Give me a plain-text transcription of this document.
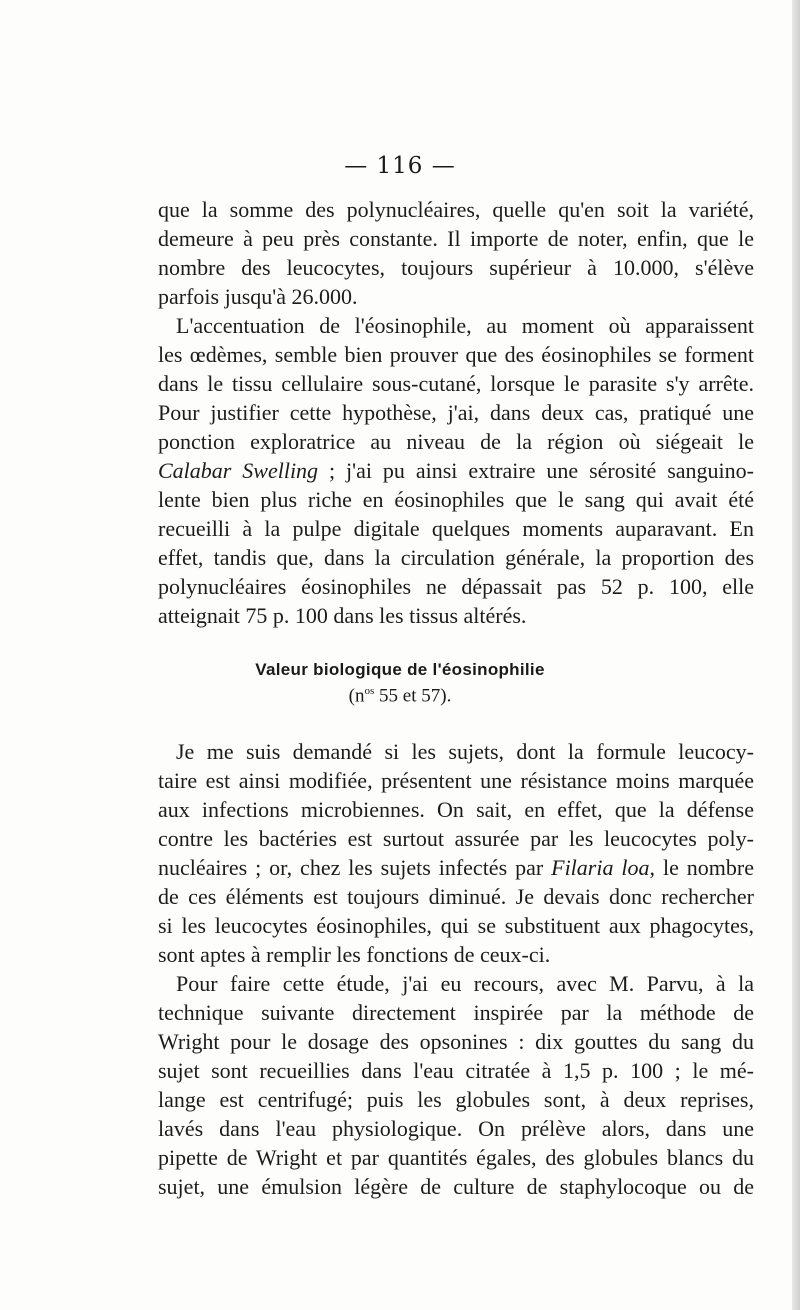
— 116 —
que la somme des polynucléaires, quelle qu'en soit la variété,
demeure à peu près constante. Il importe de noter, enfin, que le
nombre des leucocytes, toujours supérieur à 10.000, s'élève
parfois jusqu'à 26.000.
L'accentuation de l'éosinophile, au moment où apparaissent
les œdèmes, semble bien prouver que des éosinophiles se forment
dans le tissu cellulaire sous-cutané, lorsque le parasite s'y arrête.
Pour justifier cette hypothèse, j'ai, dans deux cas, pratiqué une
ponction exploratrice au niveau de la région où siégeait le
Calabar Swelling ; j'ai pu ainsi extraire une sérosité sanguino-
lente bien plus riche en éosinophiles que le sang qui avait été
recueilli à la pulpe digitale quelques moments auparavant. En
effet, tandis que, dans la circulation générale, la proportion des
polynucléaires éosinophiles ne dépassait pas 52 p. 100, elle
atteignait 75 p. 100 dans les tissus altérés.
Valeur biologique de l'éosinophilie
($n^{os}$ 55 et 57).
Je me suis demandé si les sujets, dont la formule leucocy-
taire est ainsi modifiée, présentent une résistance moins marquée
aux infections microbiennes. On sait, en effet, que la défense
contre les bactéries est surtout assurée par les leucocytes poly-
nucléaires ; or, chez les sujets infectés par Filaria loa, le nombre
de ces éléments est toujours diminué. Je devais donc rechercher
si les leucocytes éosinophiles, qui se substituent aux phagocytes,
sont aptes à remplir les fonctions de ceux-ci.
Pour faire cette étude, j'ai eu recours, avec M. Parvu, à la
technique suivante directement inspirée par la méthode de
Wright pour le dosage des opsonines : dix gouttes du sang du
sujet sont recueillies dans l'eau citratée à 1,5 p. 100 ; le mé-
lange est centrifugé; puis les globules sont, à deux reprises,
lavés dans l'eau physiologique. On prélève alors, dans une
pipette de Wright et par quantités égales, des globules blancs du
sujet, une émulsion légère de culture de staphylocoque ou de
